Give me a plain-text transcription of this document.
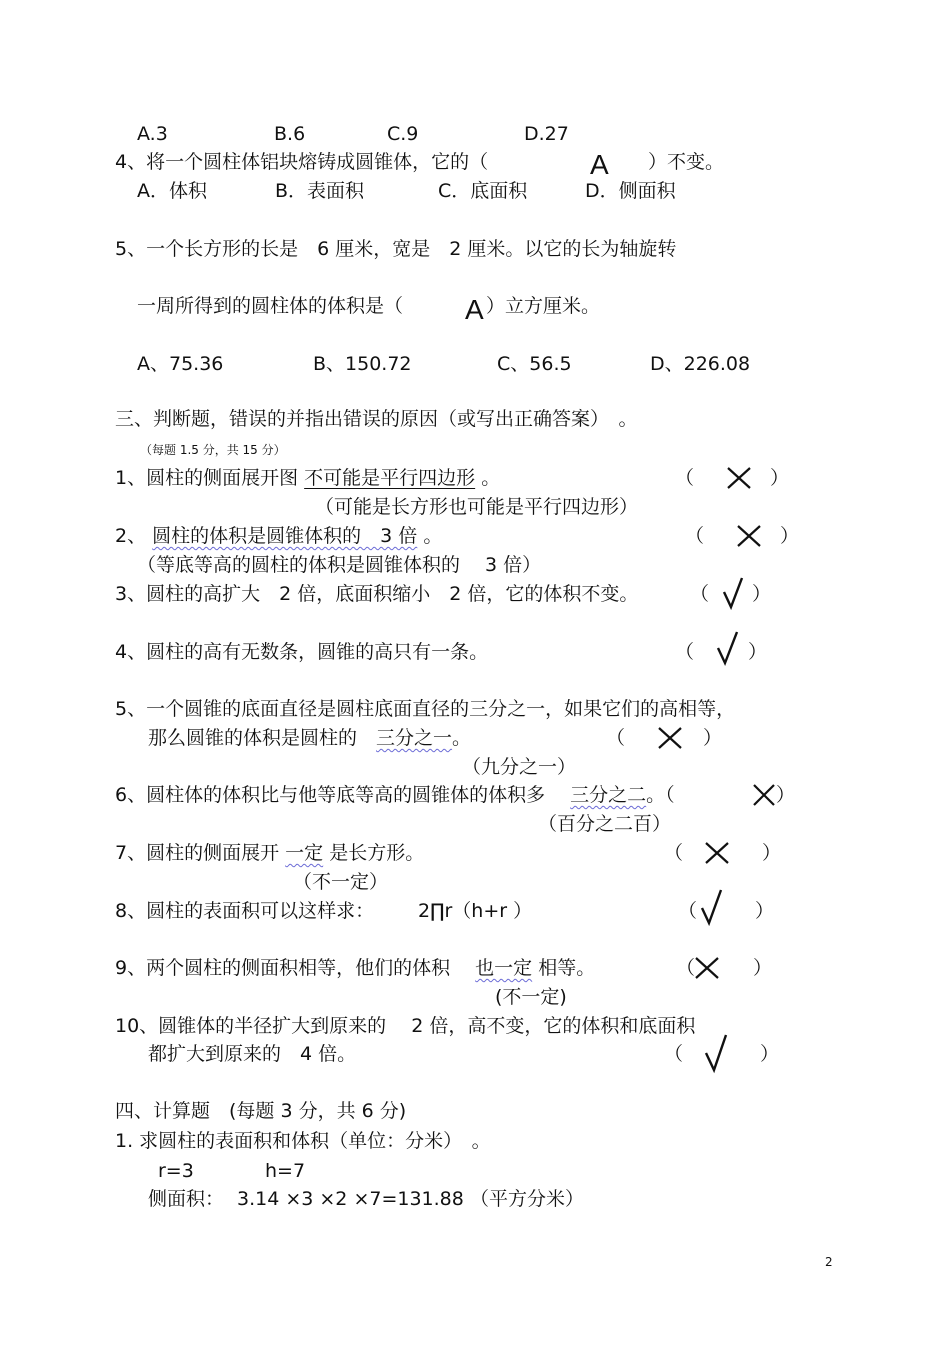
A.3	B.6	C.9	D.27
4、将一个圆柱体铝块熔铸成圆锥体，它的（	A ）不变。
A．体积	B．表面积	C．底面积	D．侧面积
5、一个长方形的长是　6 厘米，宽是　2 厘米。以它的长为轴旋转
一周所得到的圆柱体的体积是（ A ）立方厘米。
A、75.36	B、150.72	C、56.5	D、226.08
三、判断题，错误的并指出错误的原因（或写出正确答案）　。
（每题 1.5 分，共 15 分）
1、圆柱的侧面展开图 不可能是平行四边形 。	（	）
（可能是长方形也可能是平行四边形）
2、 圆柱的体积是圆锥体积的　3 倍 。	（	）
（等底等高的圆柱的体积是圆锥体积的　 3 倍）
3、圆柱的高扩大　2 倍，底面积缩小　2 倍，它的体积不变。	（ ）
4、圆柱的高有无数条，圆锥的高只有一条。	（	）
5、一个圆锥的底面直径是圆柱底面直径的三分之一，如果它们的高相等，
那么圆锥的体积是圆柱的　 三分之一。	（	）
（九分之一）
6、圆柱体的体积比与他等底等高的圆锥体的体积多　 三分之二。（	）
（百分之二百）
7、圆柱的侧面展开 一定 是长方形。	（	）
（不一定）
8、圆柱的表面积可以这样求： 2∏r（h+r ）	（	）
9、两个圆柱的侧面积相等，他们的体积　 也一定 相等。	（	）
(不一定)
10、圆锥体的半径扩大到原来的　 2 倍，高不变，它的体积和底面积
都扩大到原来的　4 倍。	（	）
四、计算题　(每题 3 分，共 6 分)
1. 求圆柱的表面积和体积（单位：分米）　。
r=3	h=7
侧面积： 3.14 ×3 ×2 ×7=131.88 （平方分米）
2
